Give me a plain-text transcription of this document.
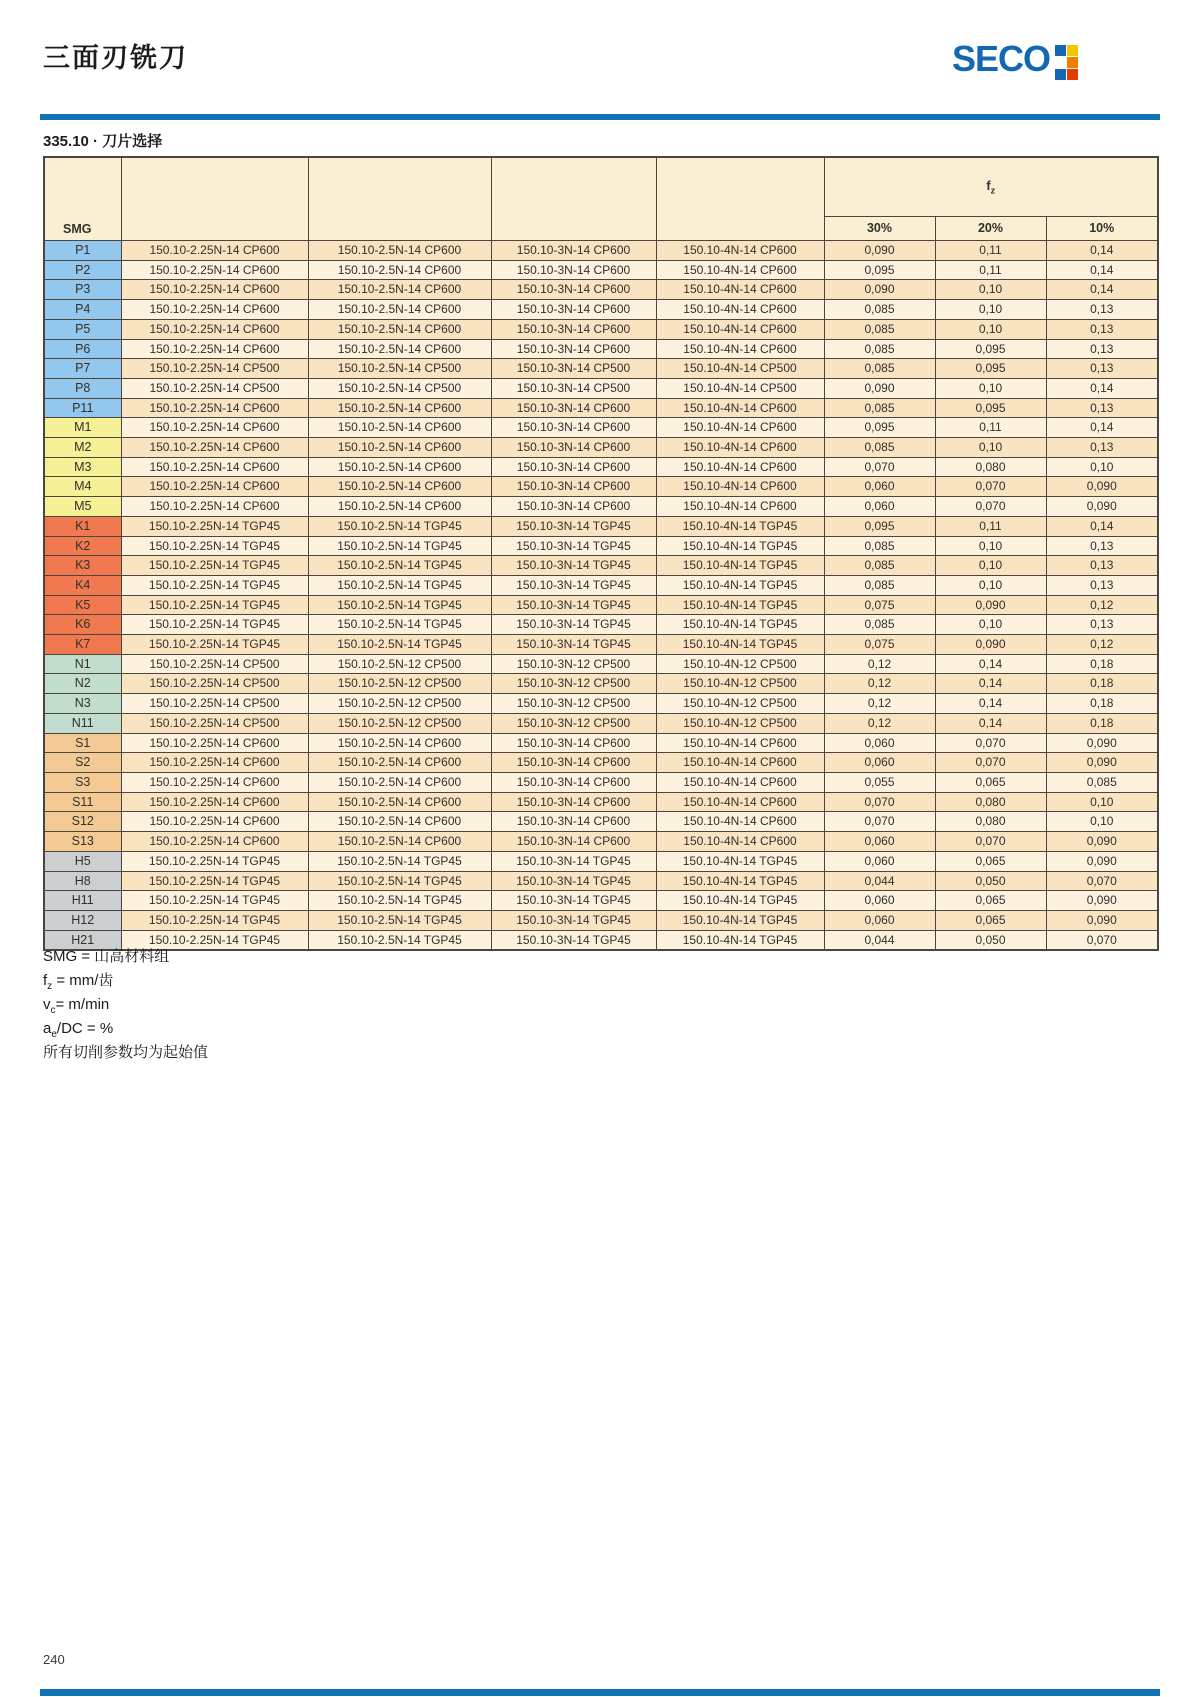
三面刃铣刀	SECO
335.10 · 刀片选择
SMG					$f_z$
					30%	20%	10%
P1	150.10-2.25N-14 CP600	150.10-2.5N-14 CP600	150.10-3N-14 CP600	150.10-4N-14 CP600	0,090	0,11	0,14
P2	150.10-2.25N-14 CP600	150.10-2.5N-14 CP600	150.10-3N-14 CP600	150.10-4N-14 CP600	0,095	0,11	0,14
P3	150.10-2.25N-14 CP600	150.10-2.5N-14 CP600	150.10-3N-14 CP600	150.10-4N-14 CP600	0,090	0,10	0,14
P4	150.10-2.25N-14 CP600	150.10-2.5N-14 CP600	150.10-3N-14 CP600	150.10-4N-14 CP600	0,085	0,10	0,13
P5	150.10-2.25N-14 CP600	150.10-2.5N-14 CP600	150.10-3N-14 CP600	150.10-4N-14 CP600	0,085	0,10	0,13
P6	150.10-2.25N-14 CP600	150.10-2.5N-14 CP600	150.10-3N-14 CP600	150.10-4N-14 CP600	0,085	0,095	0,13
P7	150.10-2.25N-14 CP500	150.10-2.5N-14 CP500	150.10-3N-14 CP500	150.10-4N-14 CP500	0,085	0,095	0,13
P8	150.10-2.25N-14 CP500	150.10-2.5N-14 CP500	150.10-3N-14 CP500	150.10-4N-14 CP500	0,090	0,10	0,14
P11	150.10-2.25N-14 CP600	150.10-2.5N-14 CP600	150.10-3N-14 CP600	150.10-4N-14 CP600	0,085	0,095	0,13
M1	150.10-2.25N-14 CP600	150.10-2.5N-14 CP600	150.10-3N-14 CP600	150.10-4N-14 CP600	0,095	0,11	0,14
M2	150.10-2.25N-14 CP600	150.10-2.5N-14 CP600	150.10-3N-14 CP600	150.10-4N-14 CP600	0,085	0,10	0,13
M3	150.10-2.25N-14 CP600	150.10-2.5N-14 CP600	150.10-3N-14 CP600	150.10-4N-14 CP600	0,070	0,080	0,10
M4	150.10-2.25N-14 CP600	150.10-2.5N-14 CP600	150.10-3N-14 CP600	150.10-4N-14 CP600	0,060	0,070	0,090
M5	150.10-2.25N-14 CP600	150.10-2.5N-14 CP600	150.10-3N-14 CP600	150.10-4N-14 CP600	0,060	0,070	0,090
K1	150.10-2.25N-14 TGP45	150.10-2.5N-14 TGP45	150.10-3N-14 TGP45	150.10-4N-14 TGP45	0,095	0,11	0,14
K2	150.10-2.25N-14 TGP45	150.10-2.5N-14 TGP45	150.10-3N-14 TGP45	150.10-4N-14 TGP45	0,085	0,10	0,13
K3	150.10-2.25N-14 TGP45	150.10-2.5N-14 TGP45	150.10-3N-14 TGP45	150.10-4N-14 TGP45	0,085	0,10	0,13
K4	150.10-2.25N-14 TGP45	150.10-2.5N-14 TGP45	150.10-3N-14 TGP45	150.10-4N-14 TGP45	0,085	0,10	0,13
K5	150.10-2.25N-14 TGP45	150.10-2.5N-14 TGP45	150.10-3N-14 TGP45	150.10-4N-14 TGP45	0,075	0,090	0,12
K6	150.10-2.25N-14 TGP45	150.10-2.5N-14 TGP45	150.10-3N-14 TGP45	150.10-4N-14 TGP45	0,085	0,10	0,13
K7	150.10-2.25N-14 TGP45	150.10-2.5N-14 TGP45	150.10-3N-14 TGP45	150.10-4N-14 TGP45	0,075	0,090	0,12
N1	150.10-2.25N-14 CP500	150.10-2.5N-12 CP500	150.10-3N-12 CP500	150.10-4N-12 CP500	0,12	0,14	0,18
N2	150.10-2.25N-14 CP500	150.10-2.5N-12 CP500	150.10-3N-12 CP500	150.10-4N-12 CP500	0,12	0,14	0,18
N3	150.10-2.25N-14 CP500	150.10-2.5N-12 CP500	150.10-3N-12 CP500	150.10-4N-12 CP500	0,12	0,14	0,18
N11	150.10-2.25N-14 CP500	150.10-2.5N-12 CP500	150.10-3N-12 CP500	150.10-4N-12 CP500	0,12	0,14	0,18
S1	150.10-2.25N-14 CP600	150.10-2.5N-14 CP600	150.10-3N-14 CP600	150.10-4N-14 CP600	0,060	0,070	0,090
S2	150.10-2.25N-14 CP600	150.10-2.5N-14 CP600	150.10-3N-14 CP600	150.10-4N-14 CP600	0,060	0,070	0,090
S3	150.10-2.25N-14 CP600	150.10-2.5N-14 CP600	150.10-3N-14 CP600	150.10-4N-14 CP600	0,055	0,065	0,085
S11	150.10-2.25N-14 CP600	150.10-2.5N-14 CP600	150.10-3N-14 CP600	150.10-4N-14 CP600	0,070	0,080	0,10
S12	150.10-2.25N-14 CP600	150.10-2.5N-14 CP600	150.10-3N-14 CP600	150.10-4N-14 CP600	0,070	0,080	0,10
S13	150.10-2.25N-14 CP600	150.10-2.5N-14 CP600	150.10-3N-14 CP600	150.10-4N-14 CP600	0,060	0,070	0,090
H5	150.10-2.25N-14 TGP45	150.10-2.5N-14 TGP45	150.10-3N-14 TGP45	150.10-4N-14 TGP45	0,060	0,065	0,090
H8	150.10-2.25N-14 TGP45	150.10-2.5N-14 TGP45	150.10-3N-14 TGP45	150.10-4N-14 TGP45	0,044	0,050	0,070
H11	150.10-2.25N-14 TGP45	150.10-2.5N-14 TGP45	150.10-3N-14 TGP45	150.10-4N-14 TGP45	0,060	0,065	0,090
H12	150.10-2.25N-14 TGP45	150.10-2.5N-14 TGP45	150.10-3N-14 TGP45	150.10-4N-14 TGP45	0,060	0,065	0,090
H21	150.10-2.25N-14 TGP45	150.10-2.5N-14 TGP45	150.10-3N-14 TGP45	150.10-4N-14 TGP45	0,044	0,050	0,070
SMG = 山高材料组
$f_z = mm/$齿
$v_c= m/\min$
$a_e/DC$ = %
所有切削参数均为起始值
240
